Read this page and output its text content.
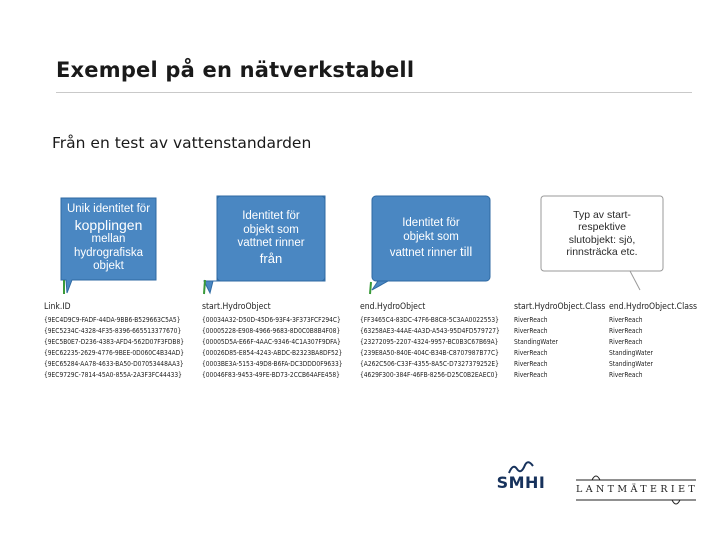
Exempel på en nätverkstabell

Från en test av vattenstandarden

Unik identitet för
kopplingen
mellan
hydrografiska
objekt
Identitet för
objekt som
vattnet rinner
från
Identitet för
objekt som
vattnet rinner till
Typ av start-
respektive
slutobjekt: sjö,
rinnsträcka etc.
Link.ID	start.HydroObject	end.HydroObject	start.HydroObject.Class end.HydroObject.Class
{9EC4D9C9-FADF-44DA-9BB6-B529663C5A5}	{00034A32-D50D-45D6-93F4-3F373FCF294C}	{FF3465C4-83DC-47F6-B8C8-5C3AA0022553} RiverReach	RiverReach
{9EC5234C-4328-4F35-8396-665513377670}	{00005228-E908-4966-9683-8D0C0B8B4F08}	{63258AE3-44AE-4A3D-A543-95D4FD579727} RiverReach	RiverReach
{9EC5B0E7-D236-4383-AFD4-562D07F3FDB8}	{00005D5A-E66F-4AAC-9346-4C1A307F9DFA}	{23272095-2207-4324-9957-BC0B3C67B69A} StandingWater	RiverReach
{9EC62235-2629-4776-9BEE-0D060C4B34AD}	{00026D85-E854-4243-ABDC-B2323BA8DF52}	{239E8A50-840E-404C-B34B-C8707987B77C} RiverReach	StandingWater
{9EC65284-AA78-4633-BA50-D07053448AA3}	{0003BE3A-5153-49D8-B6FA-DC3DDD0F9633}	{A262C506-C33F-4355-8A5C-D7327379252E} RiverReach	StandingWater
{9EC9729C-7814-45A0-855A-2A3F3FC44433}	{00046F83-9453-49FE-BD73-2CCB64AFE458}	{4629F300-384F-46FB-8256-D25C0B2EAEC0} RiverReach	RiverReach
SMHI	LANTMÄTERIET
